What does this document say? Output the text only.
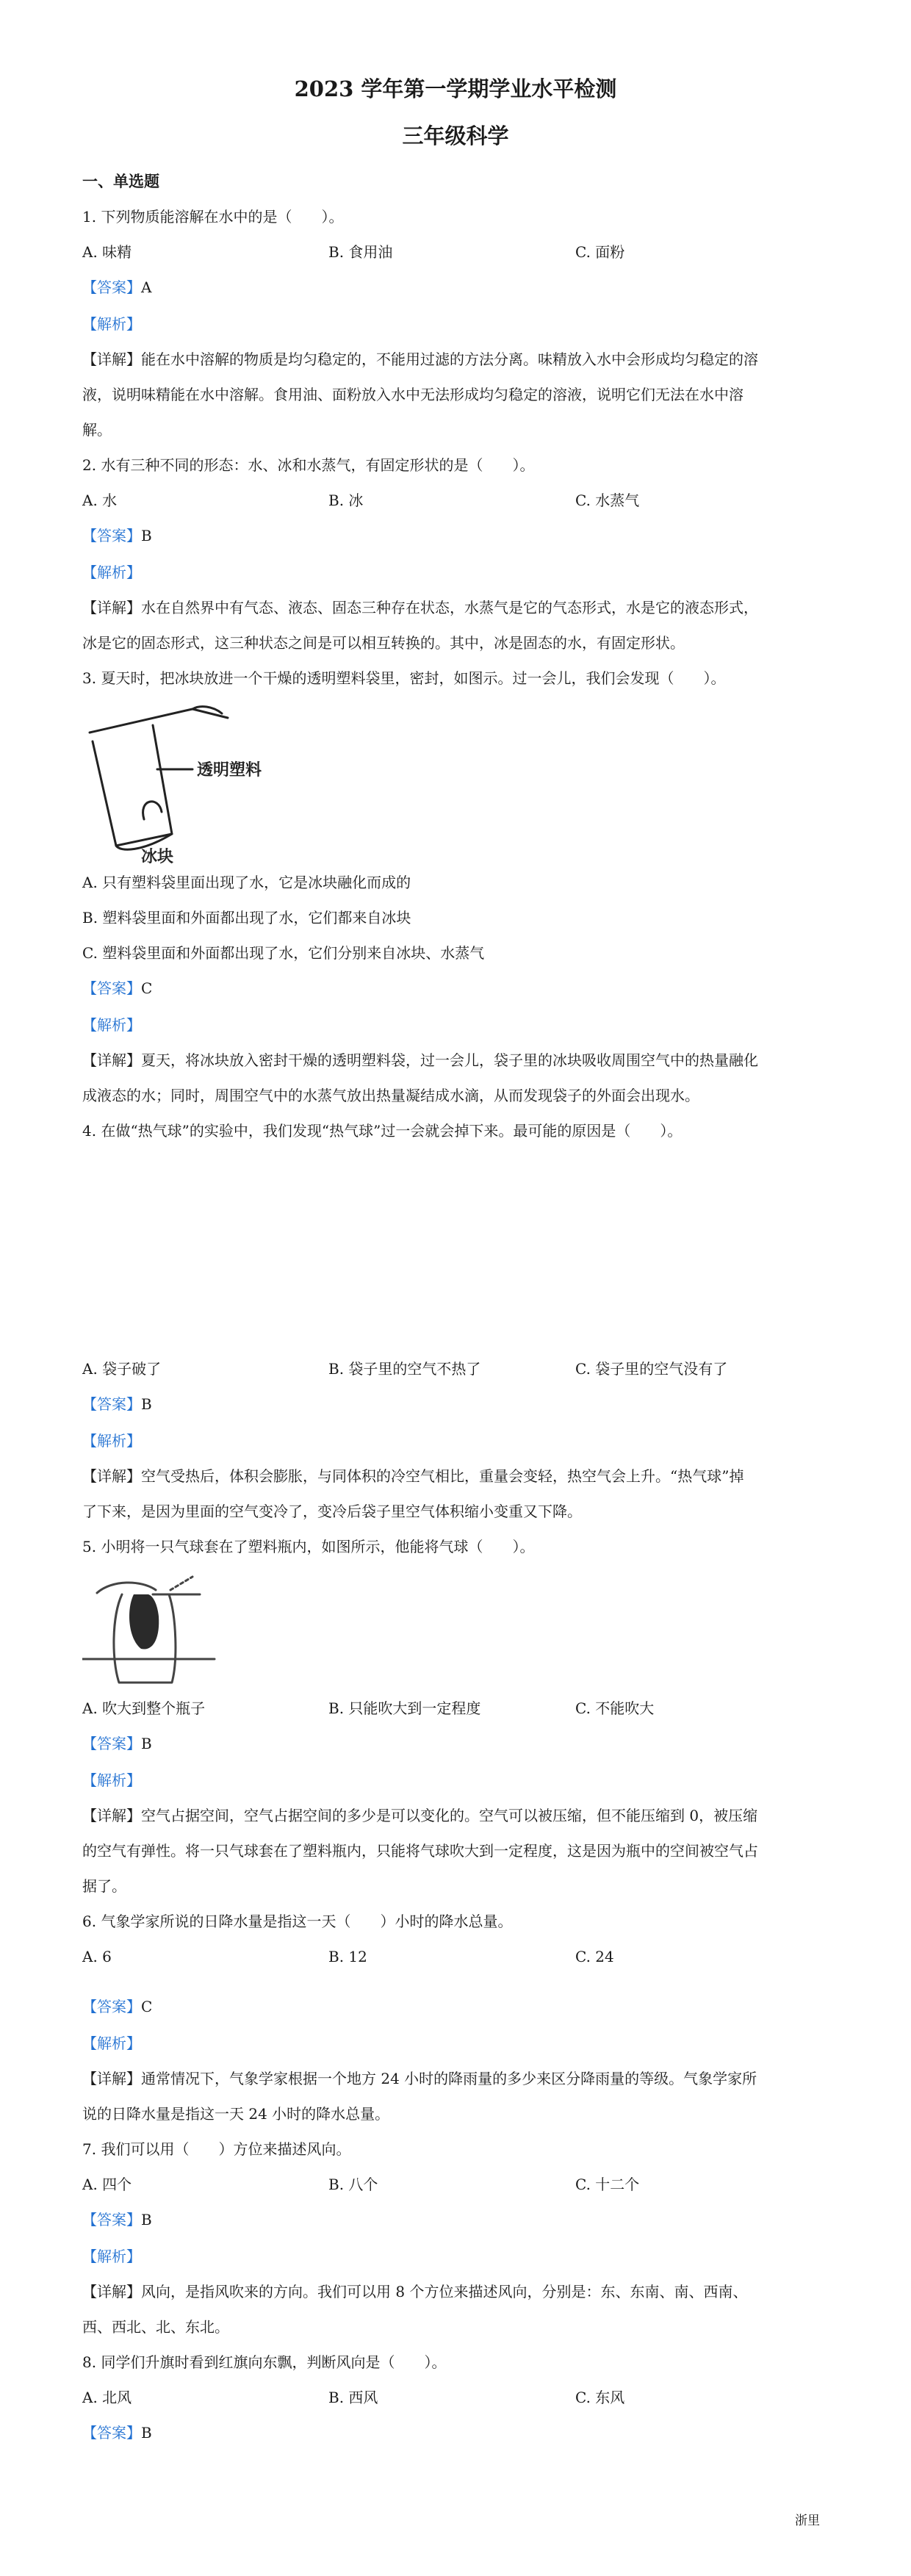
2023 学年第一学期学业水平检测
三年级科学
一、单选题
1. 下列物质能溶解在水中的是（　　）。
A. 味精	B. 食用油	C. 面粉
【答案】A
【解析】
【详解】能在水中溶解的物质是均匀稳定的，不能用过滤的方法分离。味精放入水中会形成均匀稳定的溶
液，说明味精能在水中溶解。食用油、面粉放入水中无法形成均匀稳定的溶液，说明它们无法在水中溶
解。
2. 水有三种不同的形态：水、冰和水蒸气，有固定形状的是（　　）。
A. 水	B. 冰	C. 水蒸气
【答案】B
【解析】
【详解】水在自然界中有气态、液态、固态三种存在状态，水蒸气是它的气态形式，水是它的液态形式，
冰是它的固态形式，这三种状态之间是可以相互转换的。其中，冰是固态的水，有固定形状。
3. 夏天时，把冰块放进一个干燥的透明塑料袋里，密封，如图示。过一会儿，我们会发现（　　）。
透明塑料
冰块
A. 只有塑料袋里面出现了水，它是冰块融化而成的
B. 塑料袋里面和外面都出现了水，它们都来自冰块
C. 塑料袋里面和外面都出现了水，它们分别来自冰块、水蒸气
【答案】C
【解析】
【详解】夏天，将冰块放入密封干燥的透明塑料袋，过一会儿，袋子里的冰块吸收周围空气中的热量融化
成液态的水；同时，周围空气中的水蒸气放出热量凝结成水滴，从而发现袋子的外面会出现水。
4. 在做“热气球”的实验中，我们发现“热气球”过一会就会掉下来。最可能的原因是（　　）。
A. 袋子破了	B. 袋子里的空气不热了	C. 袋子里的空气没有了
【答案】B
【解析】
【详解】空气受热后，体积会膨胀，与同体积的冷空气相比，重量会变轻，热空气会上升。“热气球”掉
了下来，是因为里面的空气变冷了，变冷后袋子里空气体积缩小变重又下降。
5. 小明将一只气球套在了塑料瓶内，如图所示，他能将气球（　　）。
A. 吹大到整个瓶子	B. 只能吹大到一定程度	C. 不能吹大
【答案】B
【解析】
【详解】空气占据空间，空气占据空间的多少是可以变化的。空气可以被压缩，但不能压缩到 0，被压缩
的空气有弹性。将一只气球套在了塑料瓶内，只能将气球吹大到一定程度，这是因为瓶中的空间被空气占
据了。
6. 气象学家所说的日降水量是指这一天（　　）小时的降水总量。
A. 6	B. 12	C. 24
【答案】C
【解析】
【详解】通常情况下，气象学家根据一个地方 24 小时的降雨量的多少来区分降雨量的等级。气象学家所
说的日降水量是指这一天 24 小时的降水总量。
7. 我们可以用（　　）方位来描述风向。
A. 四个	B. 八个	C. 十二个
【答案】B
【解析】
【详解】风向，是指风吹来的方向。我们可以用 8 个方位来描述风向，分别是：东、东南、南、西南、
西、西北、北、东北。
8. 同学们升旗时看到红旗向东飘，判断风向是（　　）。
A. 北风	B. 西风	C. 东风
【答案】B
浙里
